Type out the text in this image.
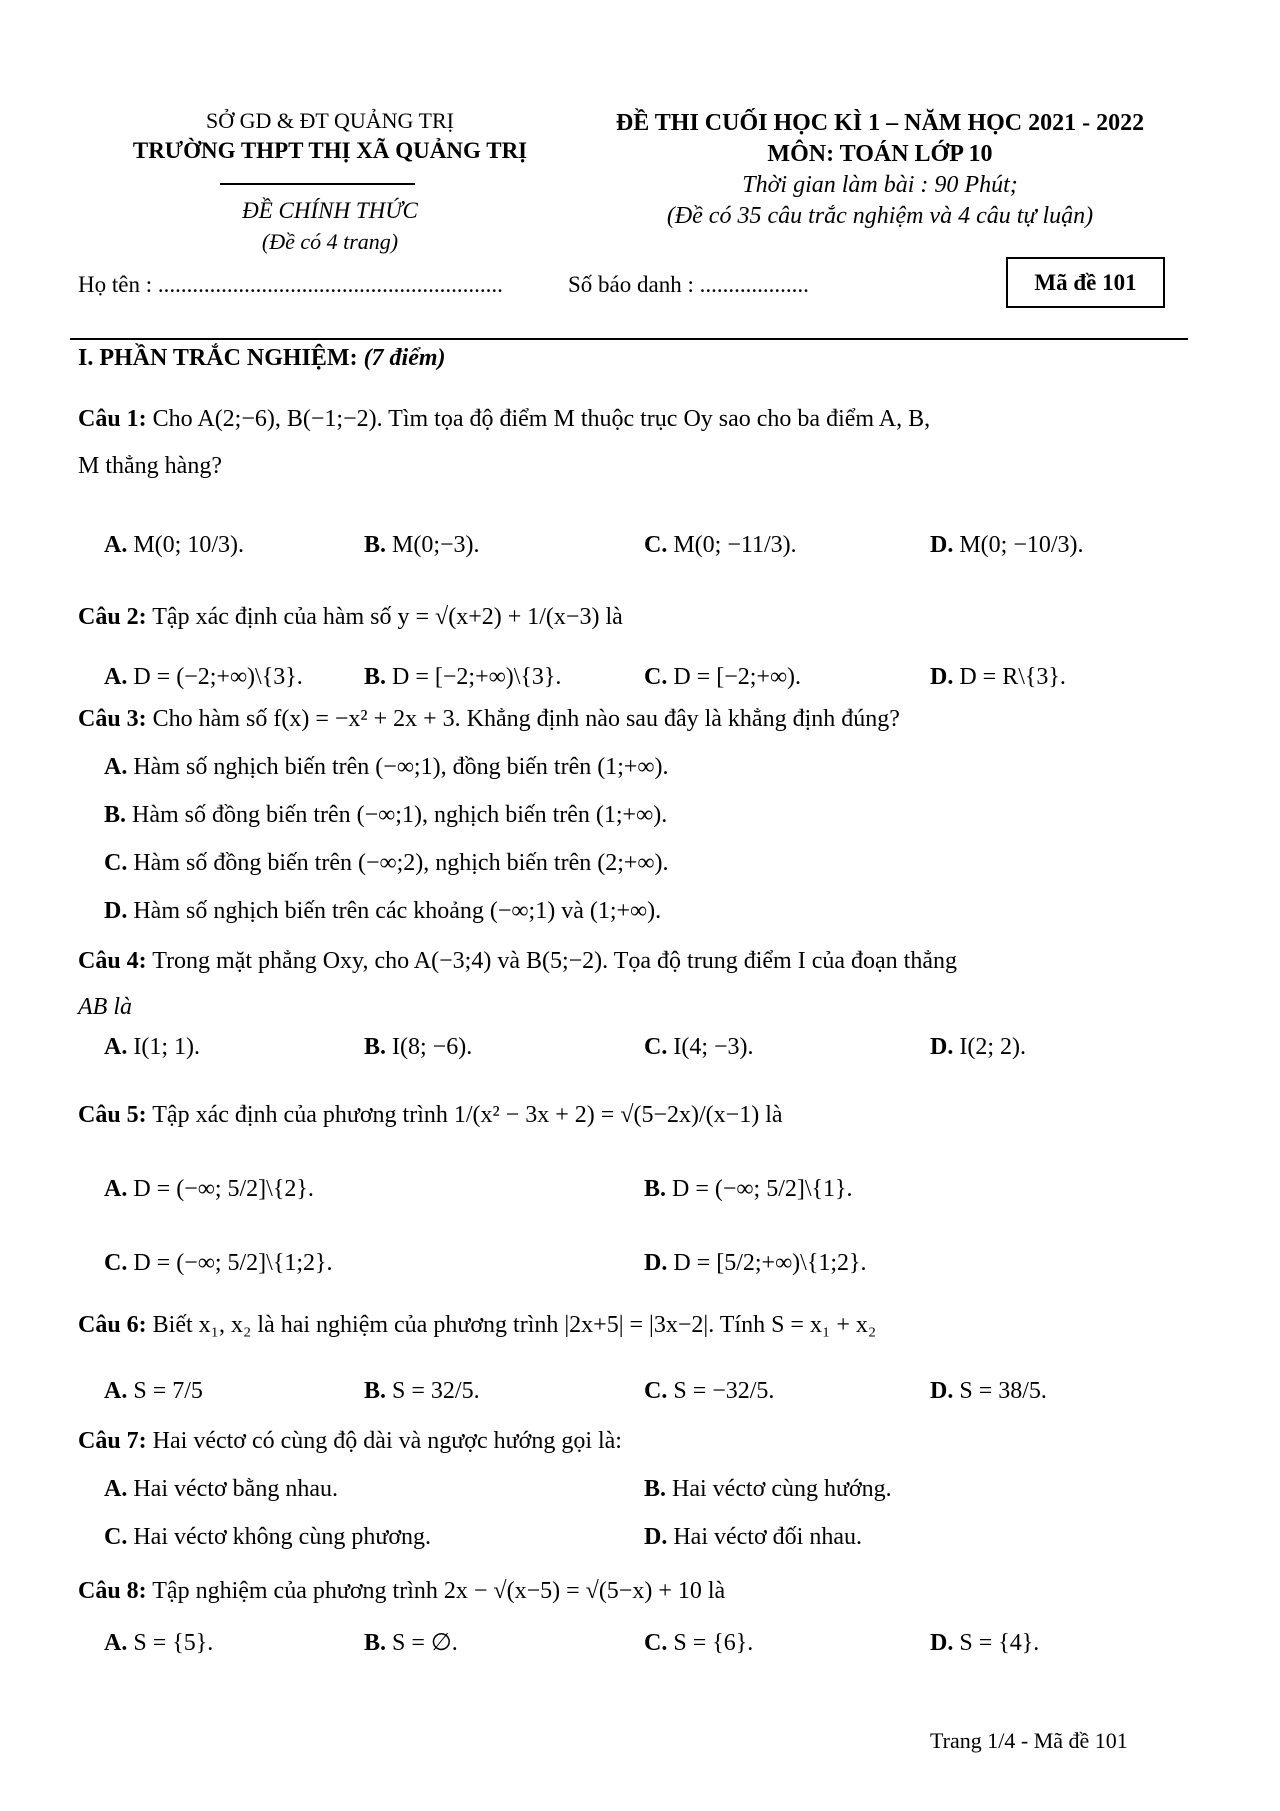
SỞ GD & ĐT QUẢNG TRỊ
TRƯỜNG THPT THỊ XÃ QUẢNG TRỊ
ĐỀ CHÍNH THỨC
(Đề có 4 trang)
ĐỀ THI CUỐI HỌC KÌ 1 – NĂM HỌC 2021 - 2022
MÔN: TOÁN LỚP 10
Thời gian làm bài : 90 Phút;
(Đề có 35 câu trắc nghiệm và 4 câu tự luận)
Họ tên : ............................................................	Số báo danh : ...................	Mã đề 101
I. PHẦN TRẮC NGHIỆM: (7 điểm)
Câu 1: Cho A(2;−6), B(−1;−2). Tìm tọa độ điểm M thuộc trục Oy sao cho ba điểm A, B,
M thẳng hàng?
A. M(0; 10/3).	B. M(0;−3).	C. M(0; −11/3).	D. M(0; −10/3).
Câu 2: Tập xác định của hàm số y = √(x+2) + 1/(x−3) là
A. D = (−2;+∞)\{3}.	B. D = [−2;+∞)\{3}.	C. D = [−2;+∞).	D. D = R\{3}.
Câu 3: Cho hàm số f(x) = −x² + 2x + 3. Khẳng định nào sau đây là khẳng định đúng?
A. Hàm số nghịch biến trên (−∞;1), đồng biến trên (1;+∞).
B. Hàm số đồng biến trên (−∞;1), nghịch biến trên (1;+∞).
C. Hàm số đồng biến trên (−∞;2), nghịch biến trên (2;+∞).
D. Hàm số nghịch biến trên các khoảng (−∞;1) và (1;+∞).
Câu 4: Trong mặt phẳng Oxy, cho A(−3;4) và B(5;−2). Tọa độ trung điểm I của đoạn thẳng
AB là
A. I(1; 1).	B. I(8; −6).	C. I(4; −3).	D. I(2; 2).
Câu 5: Tập xác định của phương trình 1/(x² − 3x + 2) = √(5−2x)/(x−1) là
A. D = (−∞; 5/2]\{2}.	B. D = (−∞; 5/2]\{1}.
C. D = (−∞; 5/2]\{1;2}.	D. D = [5/2;+∞)\{1;2}.
Câu 6: Biết x₁, x₂ là hai nghiệm của phương trình |2x+5| = |3x−2|. Tính S = x₁ + x₂
A. S = 7/5	B. S = 32/5.	C. S = −32/5.	D. S = 38/5.
Câu 7: Hai véctơ có cùng độ dài và ngược hướng gọi là:
A. Hai véctơ bằng nhau.	B. Hai véctơ cùng hướng.
C. Hai véctơ không cùng phương.	D. Hai véctơ đối nhau.
Câu 8: Tập nghiệm của phương trình 2x − √(x−5) = √(5−x) + 10 là
A. S = {5}.	B. S = ∅.	C. S = {6}.	D. S = {4}.
Trang 1/4 - Mã đề 101
